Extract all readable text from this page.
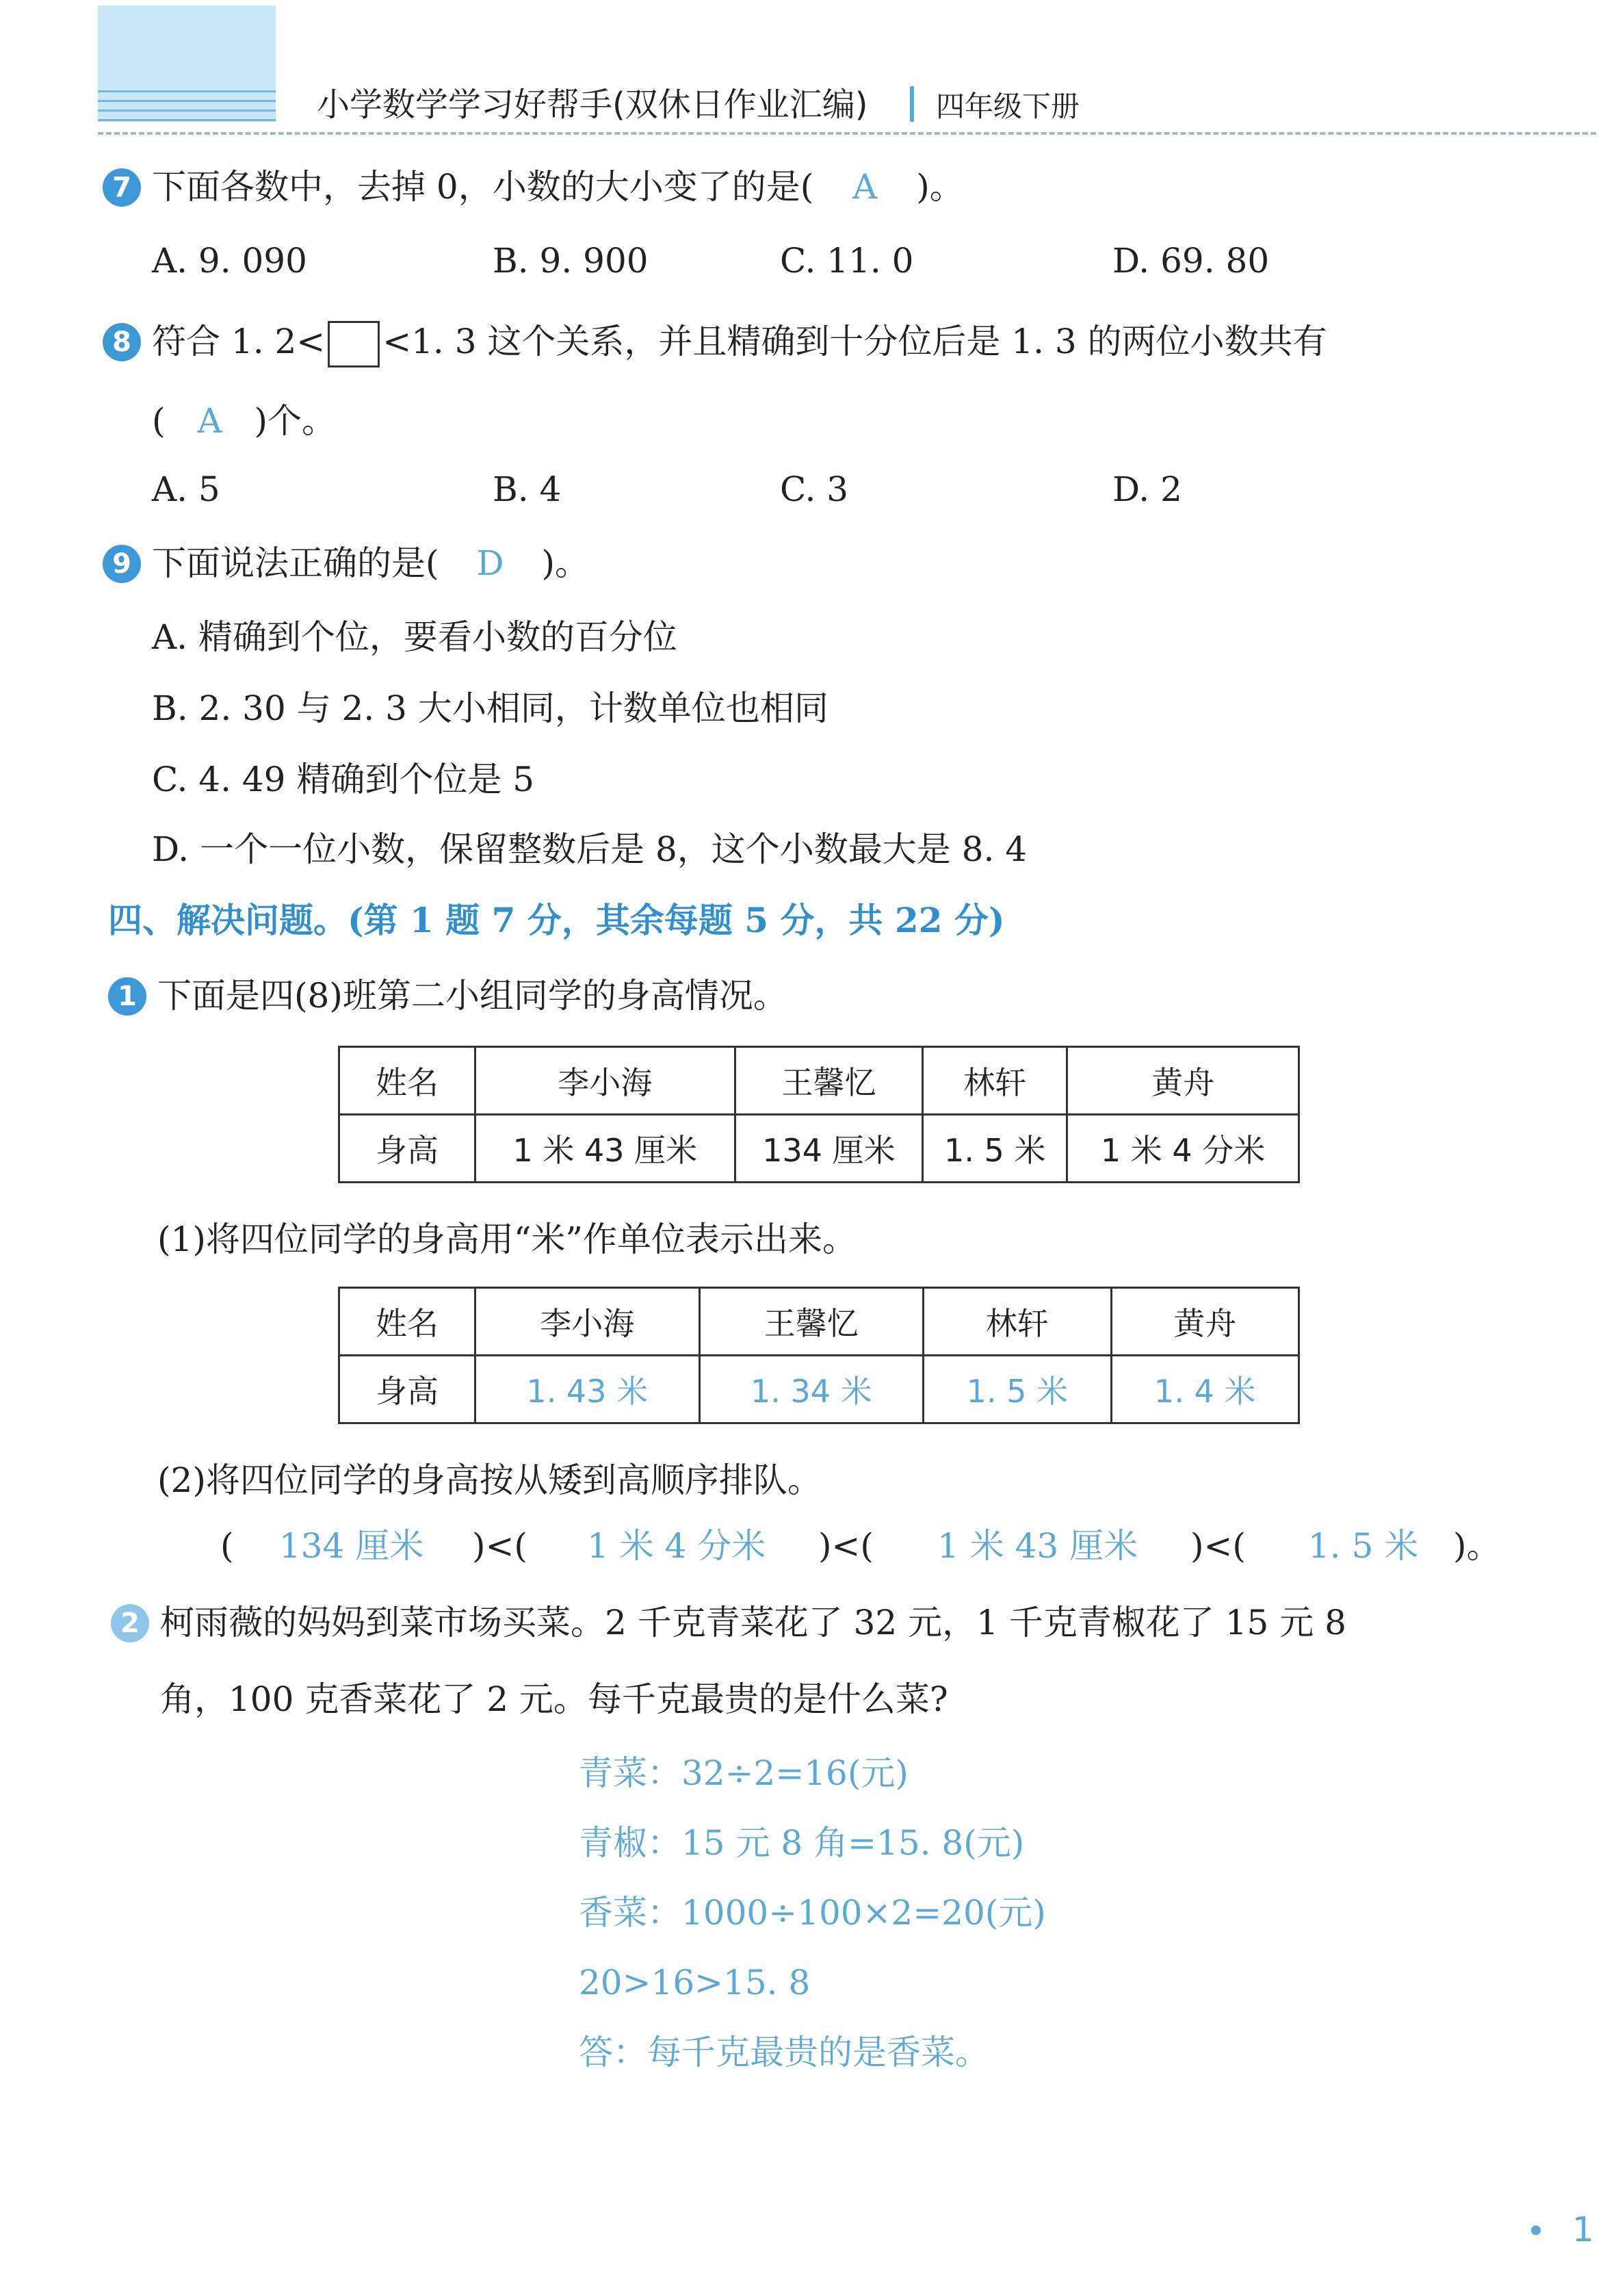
小学数学学习好帮手(双休日作业汇编) 四年级下册
7 下面各数中，去掉 0，小数的大小变了的是( A )。
A. 9. 090	B. 9. 900	C. 11. 0	D. 69. 80
8 符合 1. 2< <1. 3 这个关系，并且精确到十分位后是 1. 3 的两位小数共有
( A )个。
A. 5	B. 4	C. 3	D. 2
9 下面说法正确的是( D )。
A. 精确到个位，要看小数的百分位
B. 2. 30 与 2. 3 大小相同，计数单位也相同
C. 4. 49 精确到个位是 5
D. 一个一位小数，保留整数后是 8，这个小数最大是 8. 4
四、解决问题。(第 1 题 7 分，其余每题 5 分，共 22 分)
1 下面是四(8)班第二小组同学的身高情况。
姓名	李小海	王馨忆	林轩	黄舟
身高	1 米 43 厘米	134 厘米	1. 5 米	1 米 4 分米
(1)将四位同学的身高用“米”作单位表示出来。
姓名	李小海	王馨忆	林轩	黄舟
身高	1. 43 米	1. 34 米	1. 5 米	1. 4 米
(2)将四位同学的身高按从矮到高顺序排队。
( 134 厘米 )<( 1 米 4 分米 )<( 1 米 43 厘米 )<( 1. 5 米 )。
2 柯雨薇的妈妈到菜市场买菜。2 千克青菜花了 32 元，1 千克青椒花了 15 元 8
角，100 克香菜花了 2 元。每千克最贵的是什么菜?
青菜：32÷2=16(元)
青椒：15 元 8 角=15. 8(元)
香菜：1000÷100×2=20(元)
20>16>15. 8
答：每千克最贵的是香菜。
1
